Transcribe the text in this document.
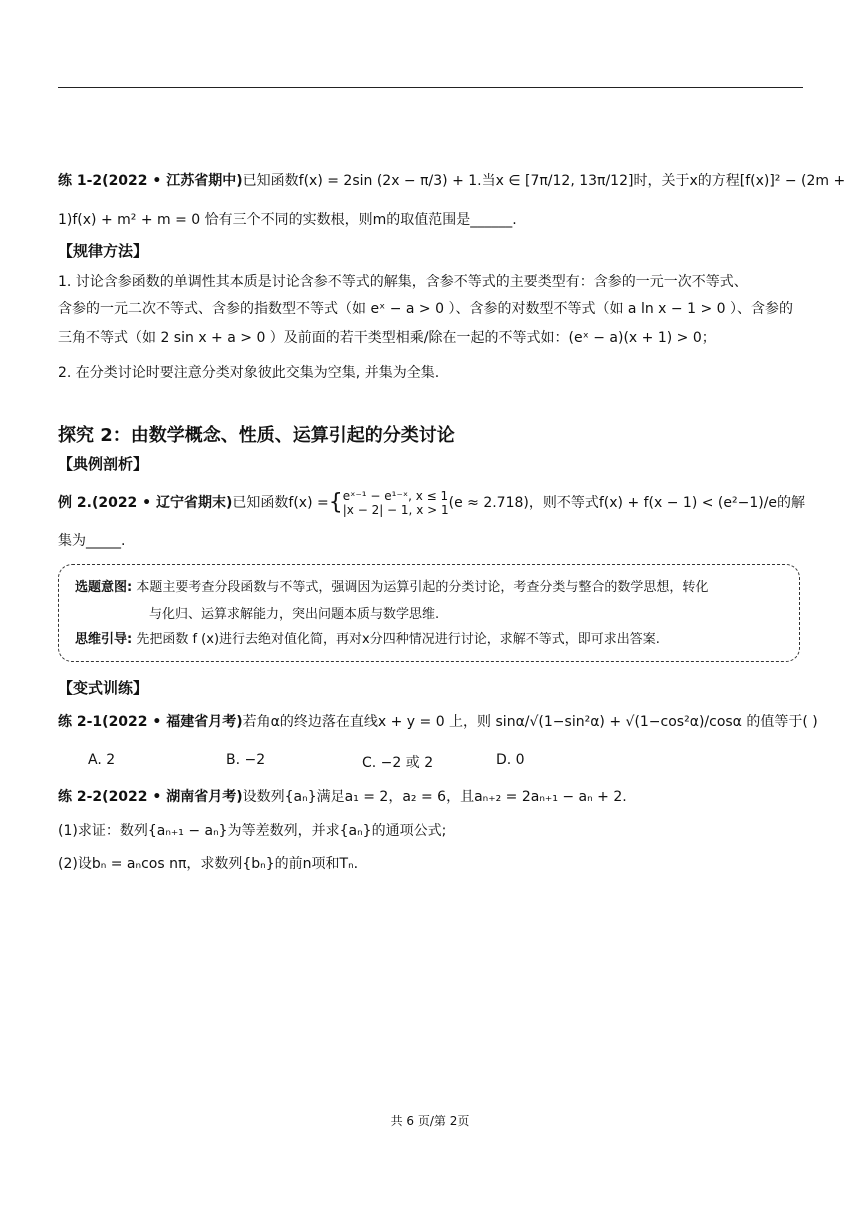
练 1-2(2022 • 江苏省期中)已知函数f(x) = 2sin (2x − π/3) + 1.当x ∈ [7π/12, 13π/12]时，关于x的方程[f(x)]² − (2m +
1)f(x) + m² + m = 0 恰有三个不同的实数根，则m的取值范围是______.
【规律方法】
1. 讨论含参函数的单调性其本质是讨论含参不等式的解集，含参不等式的主要类型有：含参的一元一次不等式、
含参的一元二次不等式、含参的指数型不等式（如 eˣ − a > 0 ）、含参的对数型不等式（如 a ln x − 1 > 0 ）、含参的
三角不等式（如 2 sin x + a > 0 ）及前面的若干类型相乘/除在一起的不等式如：(eˣ − a)(x + 1) > 0；
2. 在分类讨论时要注意分类对象彼此交集为空集, 并集为全集.
探究 2：由数学概念、性质、运算引起的分类讨论
【典例剖析】
例 2.(2022 • 辽宁省期末)已知函数f(x) ={ eˣ⁻¹ − e¹⁻ˣ, x ≤ 1
|x − 2| − 1, x > 1 (e ≈ 2.718)，则不等式f(x) + f(x − 1) < (e²−1)/e的解
集为_____.
选题意图: 本题主要考查分段函数与不等式，强调因为运算引起的分类讨论，考查分类与整合的数学思想，转化
与化归、运算求解能力，突出问题本质与数学思维.
思维引导: 先把函数 f (x)进行去绝对值化简，再对x分四种情况进行讨论，求解不等式，即可求出答案.
【变式训练】
练 2-1(2022 • 福建省月考)若角α的终边落在直线x + y = 0 上，则 sinα/√(1−sin²α) + √(1−cos²α)/cosα 的值等于( )
A. 2	B. −2	C. −2 或 2	D. 0
练 2-2(2022 • 湖南省月考)设数列{aₙ}满足a₁ = 2，a₂ = 6，且aₙ₊₂ = 2aₙ₊₁ − aₙ + 2.
(1)求证：数列{aₙ₊₁ − aₙ}为等差数列，并求{aₙ}的通项公式;
(2)设bₙ = aₙcos nπ，求数列{bₙ}的前n项和Tₙ.
共 6 页/第 2页
